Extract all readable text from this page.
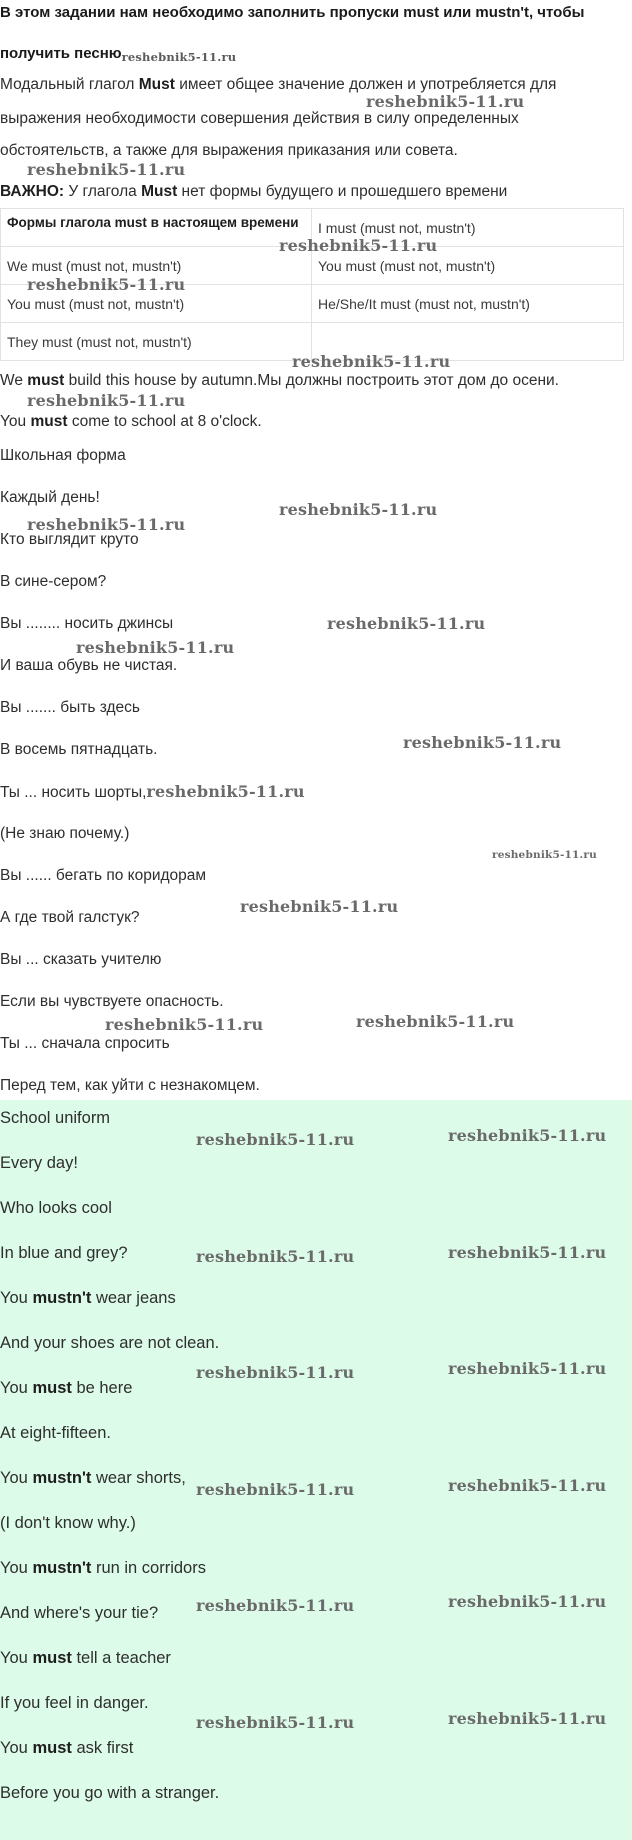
В этом задании нам необходимо заполнить пропуски must или mustn't, чтобы
получить песню$_{reshebnik5-11.ru}$
Модальный глагол Must имеет общее значение должен и употребляется для
выражения необходимости совершения действия в силу определенных
обстоятельств, а также для выражения приказания или совета.
ВАЖНО: У глагола Must нет формы будущего и прошедшего времени
Формы глагола must в настоящем времени	I must (must not, mustn't)
We must (must not, mustn't)	You must (must not, mustn't)
You must (must not, mustn't)	He/She/It must (must not, mustn't)
They must (must not, mustn't)
We must build this house by autumn.Мы должны построить этот дом до осени.
You must come to school at 8 o'clock.
Школьная форма
Каждый день!
Кто выглядит круто
В сине-сером?
Вы ........ носить джинсы
И ваша обувь не чистая.
Вы ....... быть здесь
В восемь пятнадцать.
Ты ... носить шорты,reshebnik5-11.ru
(Не знаю почему.)
Вы ...... бегать по коридорам
А где твой галстук?
Вы ... сказать учителю
Если вы чувствуете опасность.
Ты ... сначала спросить
Перед тем, как уйти с незнакомцем.
School uniform
Every day!
Who looks cool
In blue and grey?
You mustn't wear jeans
And your shoes are not clean.
You must be here
At eight-fifteen.
You mustn't wear shorts,
(I don't know why.)
You mustn't run in corridors
And where's your tie?
You must tell a teacher
If you feel in danger.
You must ask first
Before you go with a stranger.
reshebnik5-11.ru
reshebnik5-11.ru
reshebnik5-11.ru
reshebnik5-11.ru
reshebnik5-11.ru
reshebnik5-11.ru
reshebnik5-11.ru
reshebnik5-11.ru
reshebnik5-11.ru
reshebnik5-11.ru
reshebnik5-11.ru
reshebnik5-11.ru
reshebnik5-11.ru
reshebnik5-11.ru
reshebnik5-11.ru
reshebnik5-11.ru	reshebnik5-11.ru
reshebnik5-11.ru	reshebnik5-11.ru
reshebnik5-11.ru	reshebnik5-11.ru
reshebnik5-11.ru	reshebnik5-11.ru
reshebnik5-11.ru	reshebnik5-11.ru
reshebnik5-11.ru	reshebnik5-11.ru
